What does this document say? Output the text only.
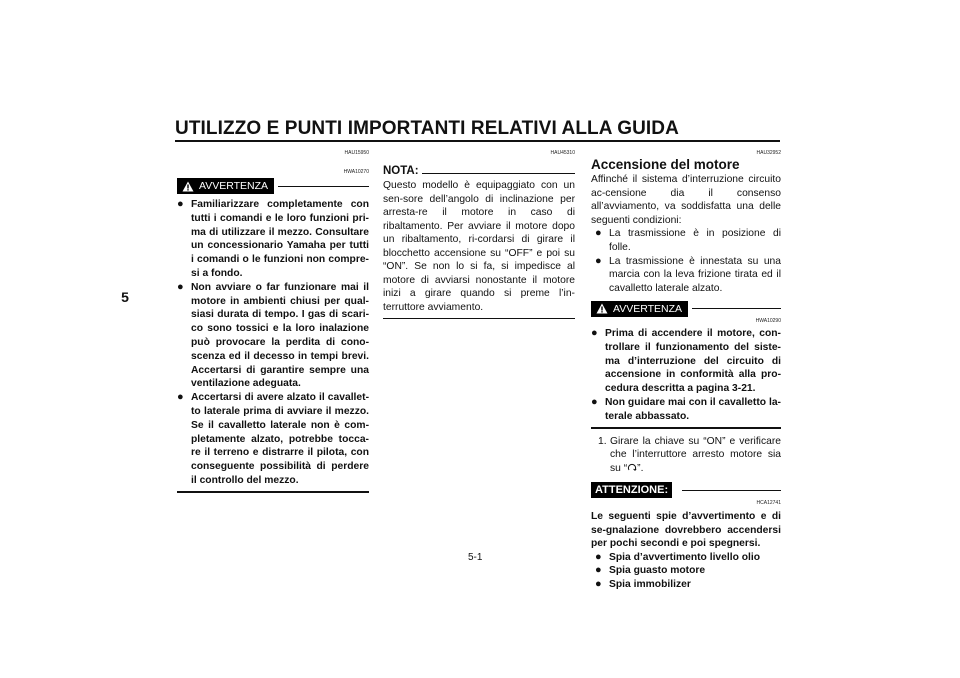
UTILIZZO E PUNTI IMPORTANTI RELATIVI ALLA GUIDA
5
HAU15950
HWA10270
AVVERTENZA
● Familiarizzare completamente con tutti i comandi e le loro funzioni pri-ma di utilizzare il mezzo. Consultare un concessionario Yamaha per tutti i comandi o le funzioni non compre-si a fondo.
● Non avviare o far funzionare mai il motore in ambienti chiusi per qual-siasi durata di tempo. I gas di scari-co sono tossici e la loro inalazione può provocare la perdita di cono-scenza ed il decesso in tempi brevi. Accertarsi di garantire sempre una ventilazione adeguata.
● Accertarsi di avere alzato il cavallet-to laterale prima di avviare il mezzo. Se il cavalletto laterale non è com-pletamente alzato, potrebbe tocca-re il terreno e distrarre il pilota, con conseguente possibilità di perdere il controllo del mezzo.
HAU45310
NOTA:

Questo modello è equipaggiato con un sen-sore dell’angolo di inclinazione per arresta-re il motore in caso di ribaltamento. Per avviare il motore dopo un ribaltamento, ri-cordarsi di girare il blocchetto accensione su “OFF” e poi su “ON”. Se non lo si fa, si impedisce al motore di avviarsi nonostante il motore inizi a girare quando si preme l’in-terruttore avviamento.

HAU32952
Accensione del motore

Affinché il sistema d’interruzione circuito ac-censione dia il consenso all’avviamento, va soddisfatta una delle seguenti condizioni:

● La trasmissione è in posizione di folle.
● La trasmissione è innestata su una marcia con la leva frizione tirata ed il cavalletto laterale alzato.
AVVERTENZA
HWA10290
● Prima di accendere il motore, con-trollare il funzionamento del siste-ma d’interruzione del circuito di accensione in conformità alla pro-cedura descritta a pagina 3-21.
● Non guidare mai con il cavalletto la-terale abbassato.
1. Girare la chiave su “ON” e verificare che l’interruttore arresto motore sia su “ ”.
ATTENZIONE:
HCA12741

Le seguenti spie d’avvertimento e di se-gnalazione dovrebbero accendersi per pochi secondi e poi spegnersi.

● Spia d’avvertimento livello olio
● Spia guasto motore
● Spia immobilizer
5-1
